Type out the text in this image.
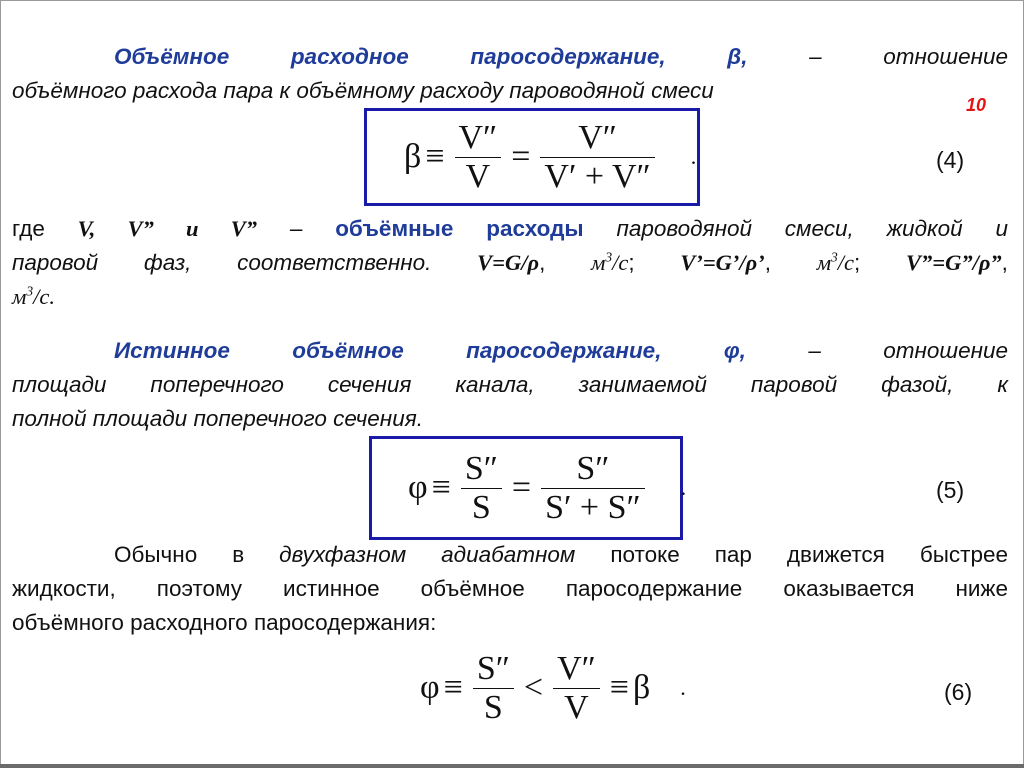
Объёмное расходное паросодержание, β, – отношение
объёмного расхода пара к объёмному расходу пароводяной смеси
10
$\beta \equiv \frac{V''}{V} = \frac{V''}{V' + V''}$ .	(4)
где V, V” и V” – объёмные расходы пароводяной смеси, жидкой и
паровой фаз, соответственно. V=G/ρ, $м^3/с$; V’=G’/ρ’, $м^3/с$; V”=G”/ρ”,
$м^3/с$.
Истинное объёмное паросодержание, φ, – отношение
площади поперечного сечения канала, занимаемой паровой фазой, к
полной площади поперечного сечения.
$\varphi \equiv \frac{S''}{S} = \frac{S''}{S' + S''}$ .	(5)
Обычно в двухфазном адиабатном потоке пар движется быстрее
жидкости, поэтому истинное объёмное паросодержание оказывается ниже
объёмного расходного паросодержания:
$\varphi \equiv \frac{S''}{S} < \frac{V''}{V} \equiv \beta$ .	(6)
